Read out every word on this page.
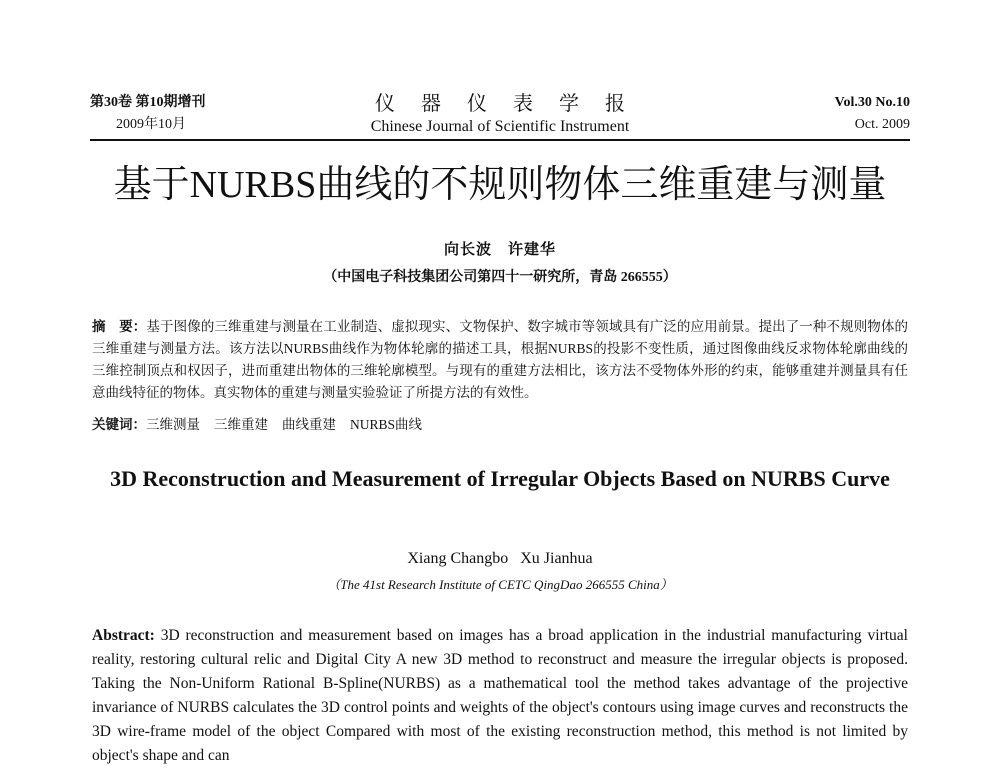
第30卷 第10期增刊
2009年10月
仪器仪表学报
Chinese Journal of Scientific Instrument
Vol.30 No.10
Oct. 2009
基于NURBS曲线的不规则物体三维重建与测量
向长波　许建华
（中国电子科技集团公司第四十一研究所，青岛 266555）
摘　要：基于图像的三维重建与测量在工业制造、虚拟现实、文物保护、数字城市等领域具有广泛的应用前景。提出了一种不规则物体的三维重建与测量方法。该方法以NURBS曲线作为物体轮廓的描述工具，根据NURBS的投影不变性质，通过图像曲线反求物体轮廓曲线的三维控制顶点和权因子，进而重建出物体的三维轮廓模型。与现有的重建方法相比，该方法不受物体外形的约束，能够重建并测量具有任意曲线特征的物体。真实物体的重建与测量实验验证了所提方法的有效性。
关键词：三维测量 三维重建 曲线重建 NURBS曲线
3D Reconstruction and Measurement of Irregular Objects Based on NURBS Curve
Xiang Changbo Xu Jianhua
（The 41st Research Institute of CETC QingDao 266555 China）
Abstract: 3D reconstruction and measurement based on images has a broad application in the industrial manufacturing virtual reality, restoring cultural relic and Digital City A new 3D method to reconstruct and measure the irregular objects is proposed. Taking the Non-Uniform Rational B-Spline(NURBS) as a mathematical tool the method takes advantage of the projective invariance of NURBS calculates the 3D control points and weights of the object's contours using image curves and reconstructs the 3D wire-frame model of the object Compared with most of the existing reconstruction method, this method is not limited by object's shape and can
